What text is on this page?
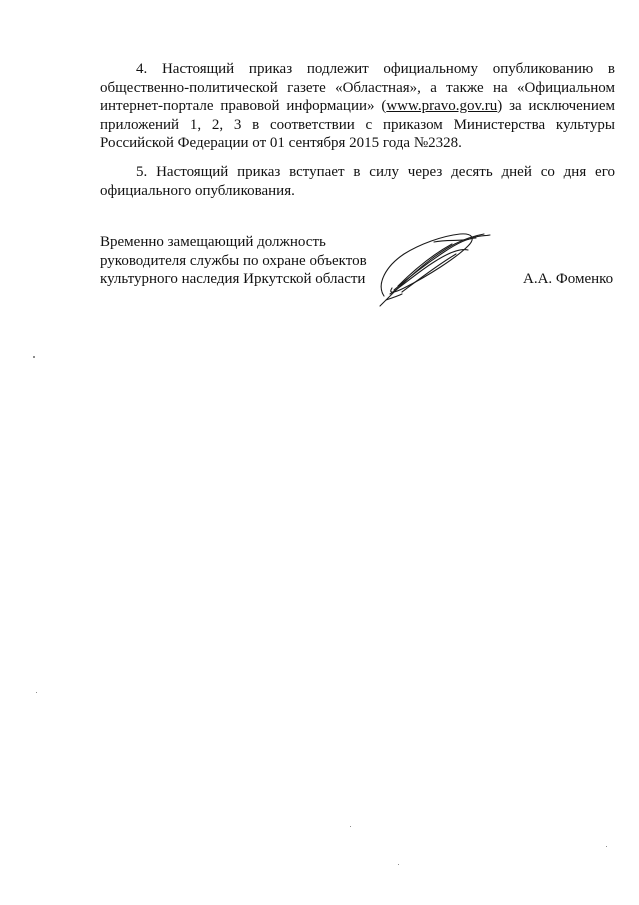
4. Настоящий приказ подлежит официальному опубликованию в общественно-политической газете «Областная», а также на «Официальном интернет-портале правовой информации» (www.pravo.gov.ru) за исключением приложений 1, 2, 3 в соответствии с приказом Министерства культуры Российской Федерации от 01 сентября 2015 года №2328.
5. Настоящий приказ вступает в силу через десять дней со дня его официального опубликования.
Временно замещающий должность
руководителя службы по охране объектов
культурного наследия Иркутской области	А.А. Фоменко
